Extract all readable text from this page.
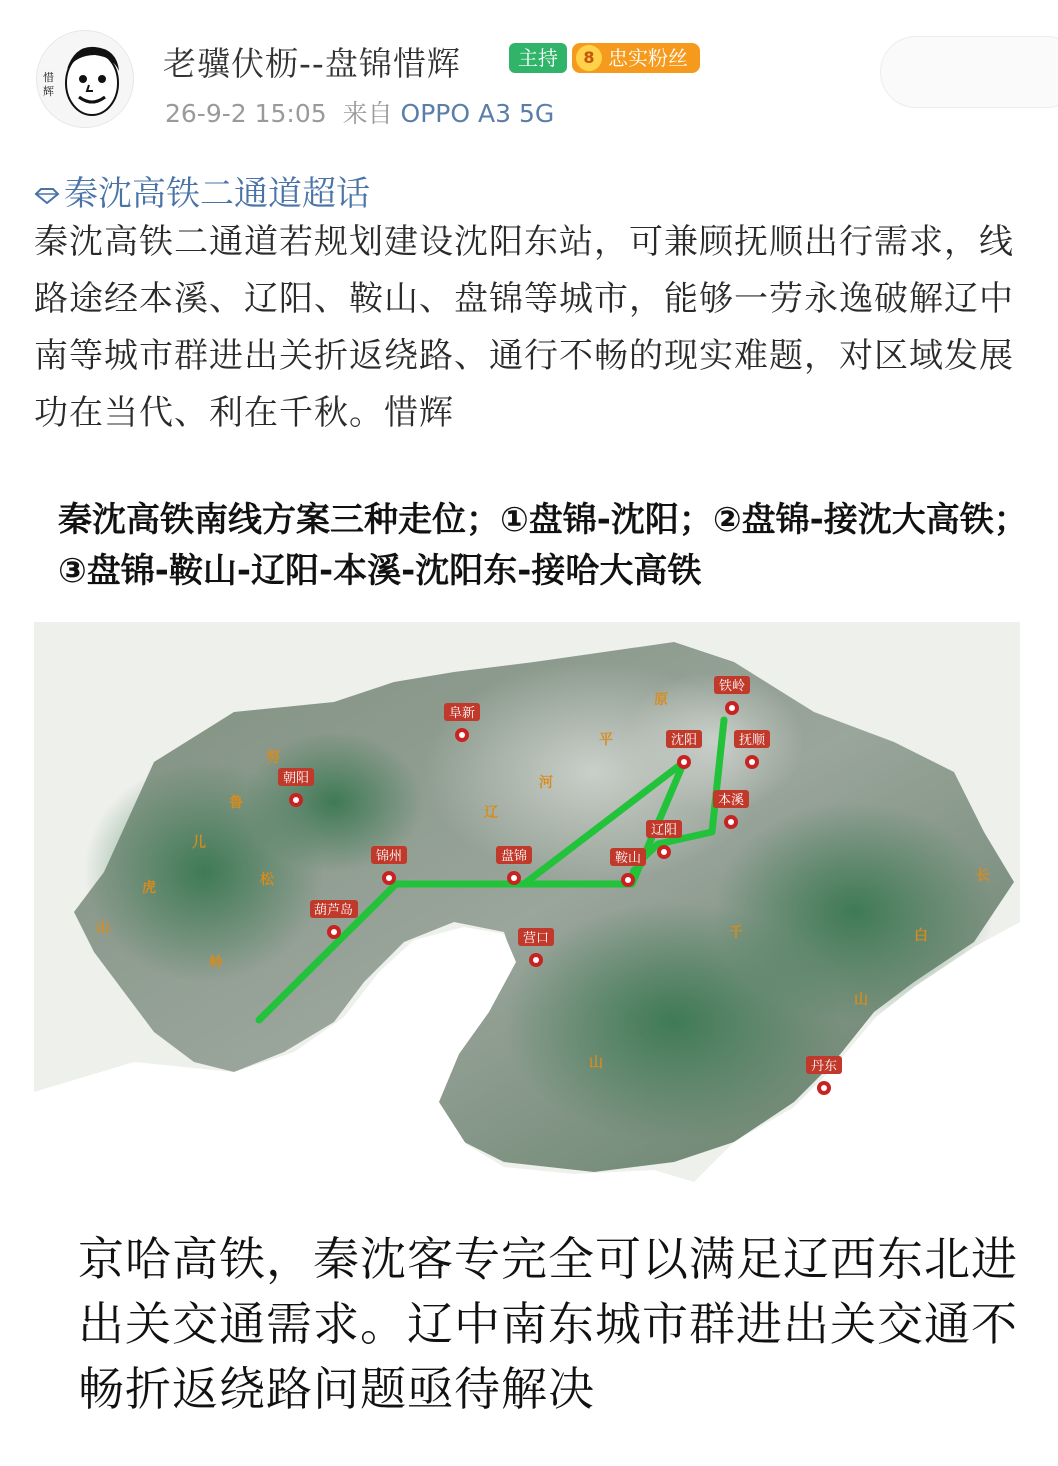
惜
辉
老骥伏枥--盘锦惜辉	主持	8 忠实粉丝
26-9-2 15:05 来自 OPPO A3 5G
秦沈高铁二通道超话
秦沈高铁二通道若规划建设沈阳东站，可兼顾抚顺出行需求，线路途经本溪、辽阳、鞍山、盘锦等城市，能够一劳永逸破解辽中南等城市群进出关折返绕路、通行不畅的现实难题，对区域发展功在当代、利在千秋。惜辉
秦沈高铁南线方案三种走位；①盘锦-沈阳；②盘锦-接沈大高铁；③盘锦-鞍山-辽阳-本溪-沈阳东-接哈大高铁
铁岭
阜新
沈阳	抚顺
朝阳
本溪
辽阳
锦州	盘锦	鞍山
葫芦岛
营口
丹东
原
平
河
辽
努
鲁
儿
虎	松
山
岭
长
白
千
山
山
京哈高铁，秦沈客专完全可以满足辽西东北进出关交通需求。辽中南东城市群进出关交通不畅折返绕路问题亟待解决
